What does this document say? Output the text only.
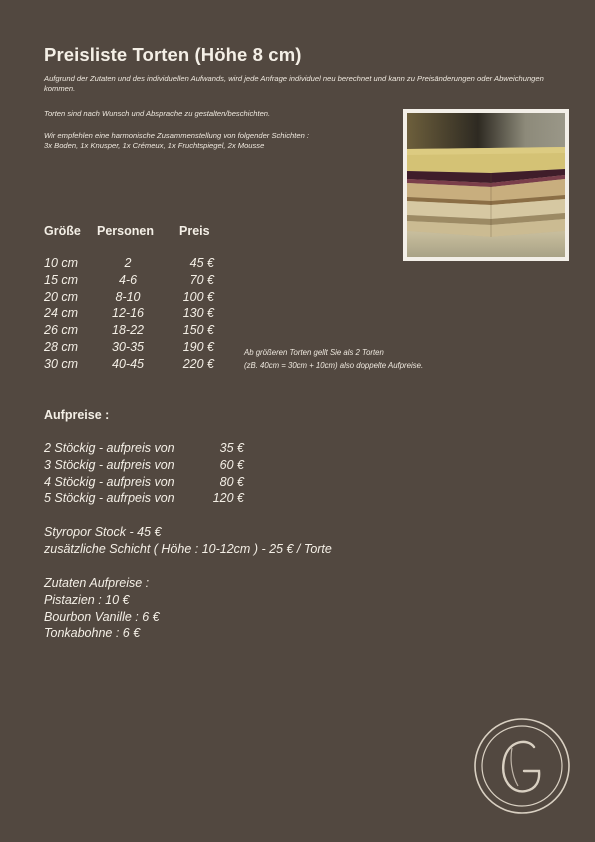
Preisliste Torten (Höhe 8 cm)
Aufgrund der Zutaten und des individuellen Aufwands, wird jede Anfrage individuel neu berechnet und kann zu Preisänderungen oder Abweichungen kommen.
Torten sind nach Wunsch und Absprache zu gestalten/beschichten.
Wir empfehlen eine harmonische Zusammenstellung von folgender Schichten :
3x Boden, 1x Knusper, 1x Crémeux, 1x Fruchtspiegel, 2x Mousse
Größe Personen Preis
10 cm	2	45 €
15 cm	4-6	70 €
20 cm	8-10	100 €
24 cm	12-16	130 €
26 cm	18-22	150 €
28 cm	30-35	190 €
30 cm	40-45	220 €
Ab größeren Torten gellt Sie als 2 Torten
(zB. 40cm = 30cm + 10cm) also doppelte Aufpreise.
Aufpreise :
2 Stöckig - aufpreis von	35 €
3 Stöckig - aufpreis von	60 €
4 Stöckig - aufpreis von	80 €
5 Stöckig - aufrpeis von	120 €
Styropor Stock - 45 €
zusätzliche Schicht ( Höhe : 10-12cm ) - 25 € / Torte
Zutaten Aufpreise :
Pistazien : 10 €
Bourbon Vanille : 6 €
Tonkabohne : 6 €
